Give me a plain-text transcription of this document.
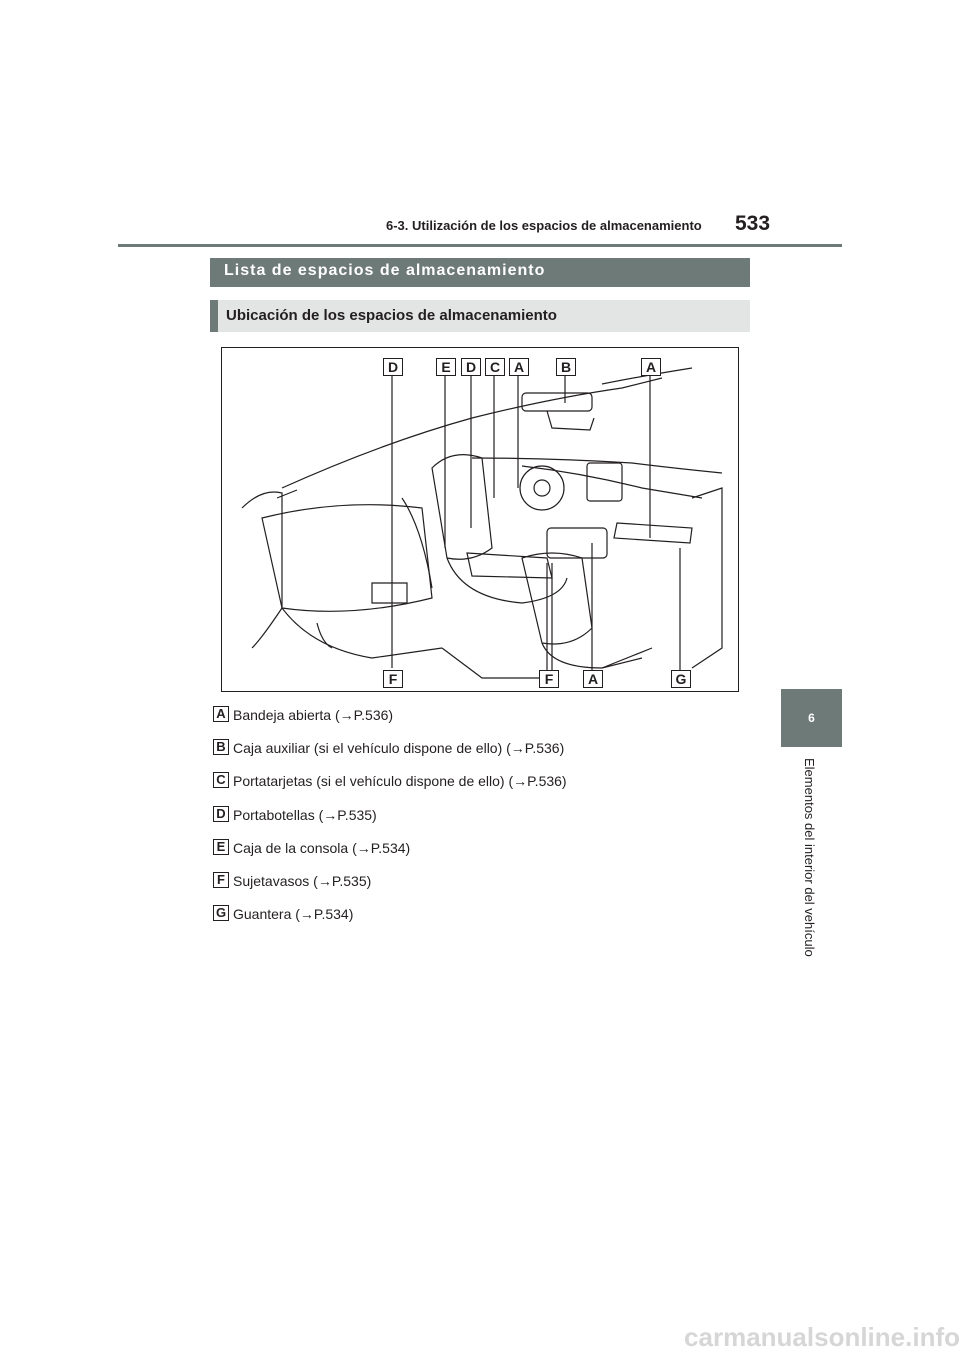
6-3. Utilización de los espacios de almacenamiento 533
6
Elementos del interior del vehículo
Lista de espacios de almacenamiento
Ubicación de los espacios de almacenamiento
D	E	D C A	B	A
F	F	A	G
A Bandeja abierta (→P.536)
B Caja auxiliar (si el vehículo dispone de ello) (→P.536)
C Portatarjetas (si el vehículo dispone de ello) (→P.536)
D Portabotellas (→P.535)
E Caja de la consola (→P.534)
F Sujetavasos (→P.535)
G Guantera (→P.534)
carmanualsonline.info
